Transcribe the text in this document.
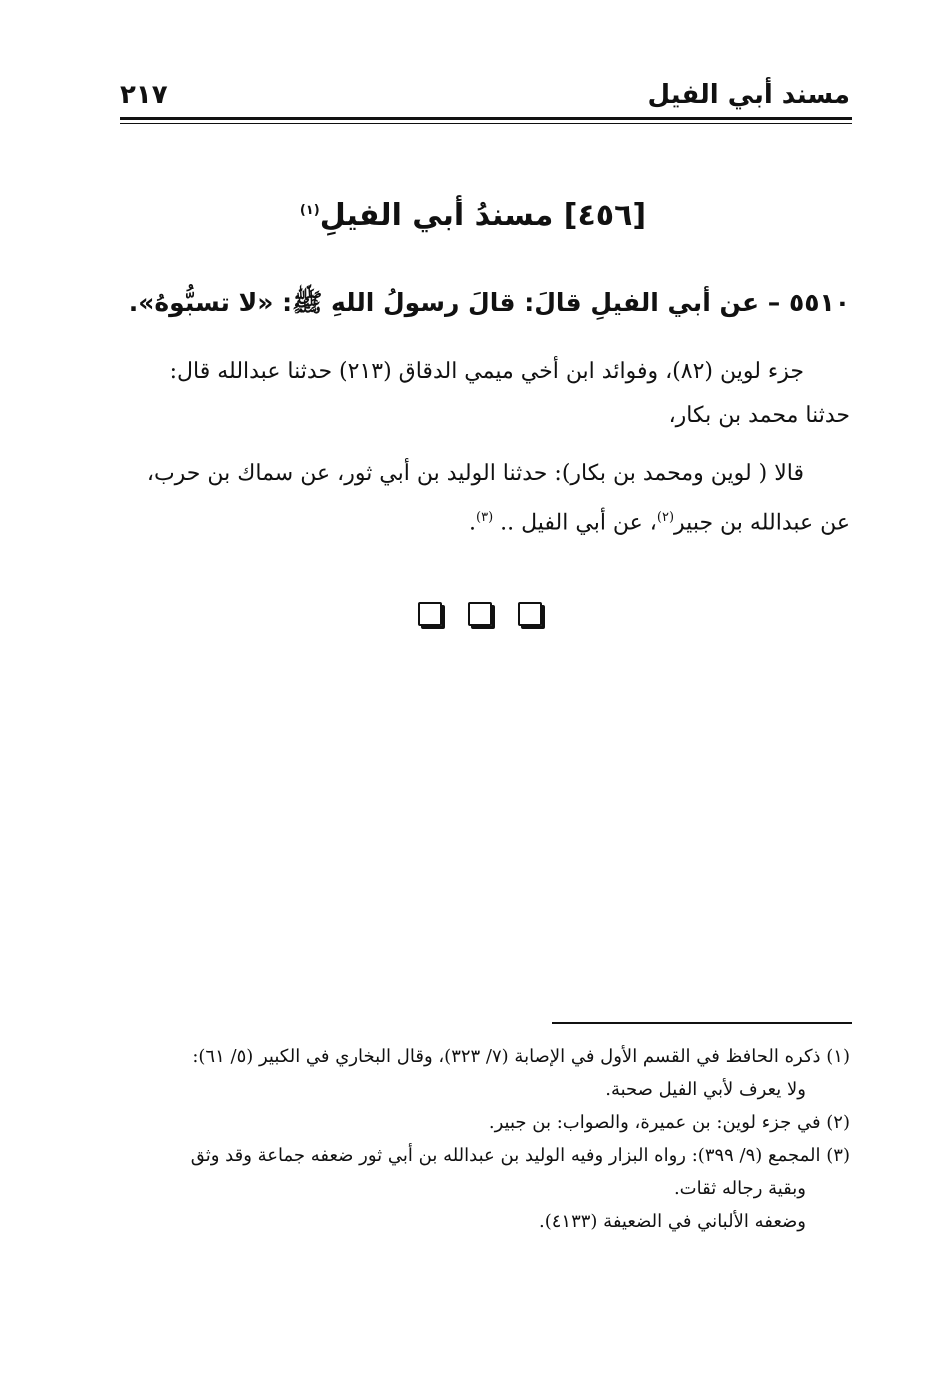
مسند أبي الفيل
٢١٧
[٤٥٦] مسندُ أبي الفيلِ$^{(١)}$
٥٥١٠ – عن أبي الفيلِ قالَ: قالَ رسولُ اللهِ ﷺ: «لا تسبُّوهُ».
جزء لوين (٨٢)، وفوائد ابن أخي ميمي الدقاق (٢١٣) حدثنا عبدالله قال:
حدثنا محمد بن بكار،
قالا ( لوين ومحمد بن بكار): حدثنا الوليد بن أبي ثور، عن سماك بن حرب،
عن عبدالله بن جبير$^{(٢)}$، عن أبي الفيل .. $^{(٣)}$.
(١) ذكره الحافظ في القسم الأول في الإصابة (٧/ ٣٢٣)، وقال البخاري في الكبير (٥/ ٦١):
ولا يعرف لأبي الفيل صحبة.
(٢) في جزء لوين: بن عميرة، والصواب: بن جبير.
(٣) المجمع (٩/ ٣٩٩): رواه البزار وفيه الوليد بن عبدالله بن أبي ثور ضعفه جماعة وقد وثق
وبقية رجاله ثقات.
وضعفه الألباني في الضعيفة (٤١٣٣).
